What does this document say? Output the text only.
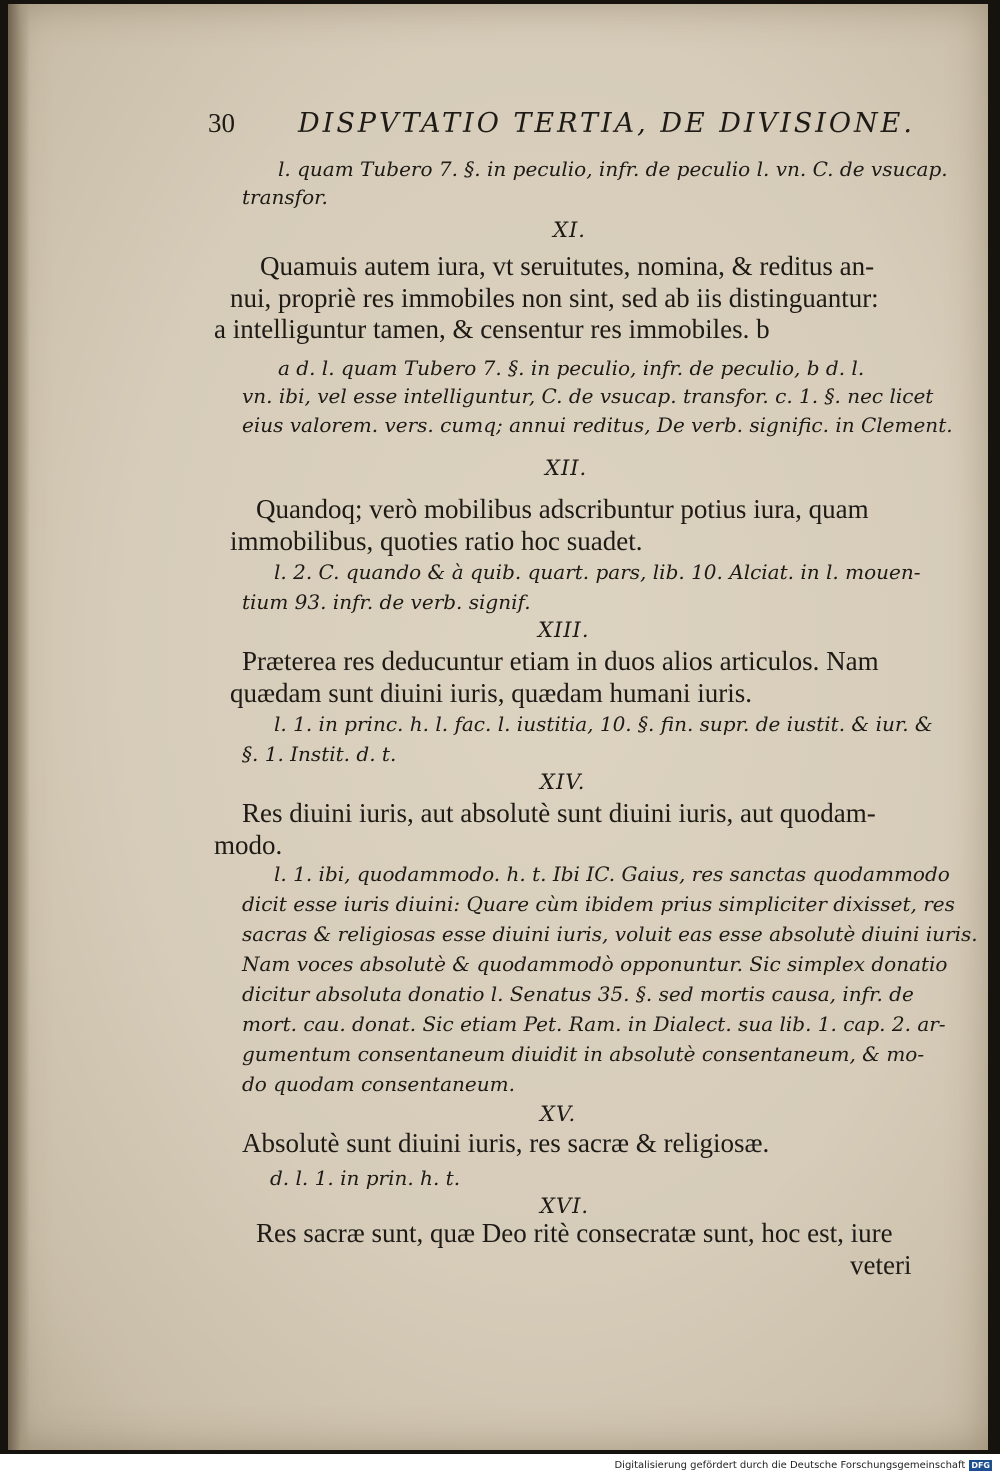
30 DISPVTATIO TERTIA, DE DIVISIONE.
l. quam Tubero 7. §. in peculio, infr. de peculio l. vn. C. de vsucap.
transfor.
XI.
Quamuis autem iura, vt seruitutes, nomina, & reditus an-
nui, propriè res immobiles non sint, sed ab iis distinguantur:
a intelliguntur tamen, & censentur res immobiles. b
a d. l. quam Tubero 7. §. in peculio, infr. de peculio, b d. l.
vn. ibi, vel esse intelliguntur, C. de vsucap. transfor. c. 1. §. nec licet
eius valorem. vers. cumq; annui reditus, De verb. signific. in Clement.
XII.
Quandoq; verò mobilibus adscribuntur potius iura, quam
immobilibus, quoties ratio hoc suadet.
l. 2. C. quando & à quib. quart. pars, lib. 10. Alciat. in l. mouen-
tium 93. infr. de verb. signif.
XIII.
Præterea res deducuntur etiam in duos alios articulos. Nam
quædam sunt diuini iuris, quædam humani iuris.
l. 1. in princ. h. l. fac. l. iustitia, 10. §. fin. supr. de iustit. & iur. &
§. 1. Instit. d. t.
XIV.
Res diuini iuris, aut absolutè sunt diuini iuris, aut quodam-
modo.
l. 1. ibi, quodammodo. h. t. Ibi IC. Gaius, res sanctas quodammodo
dicit esse iuris diuini: Quare cùm ibidem prius simpliciter dixisset, res
sacras & religiosas esse diuini iuris, voluit eas esse absolutè diuini iuris.
Nam voces absolutè & quodammodò opponuntur. Sic simplex donatio
dicitur absoluta donatio l. Senatus 35. §. sed mortis causa, infr. de
mort. cau. donat. Sic etiam Pet. Ram. in Dialect. sua lib. 1. cap. 2. ar-
gumentum consentaneum diuidit in absolutè consentaneum, & mo-
do quodam consentaneum.
XV.
Absolutè sunt diuini iuris, res sacræ & religiosæ.
d. l. 1. in prin. h. t.
XVI.
Res sacræ sunt, quæ Deo ritè consecratæ sunt, hoc est, iure
veteri
Digitalisierung gefördert durch die Deutsche Forschungsgemeinschaft DFG
